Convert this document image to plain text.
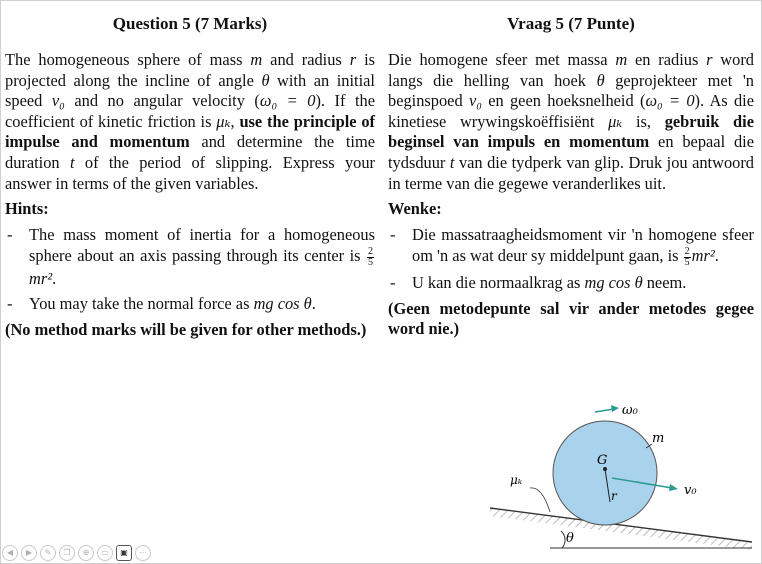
Question 5 (7 Marks)

The homogeneous sphere of mass m and radius r is projected along the incline of angle θ with an initial speed v₀ and no angular velocity (ω₀ = 0). If the coefficient of kinetic friction is μₖ, use the principle of impulse and momentum and determine the time duration t of the period of slipping. Express your answer in terms of the given variables.

Hints:
- The mass moment of inertia for a homogeneous sphere about an axis passing through its center is $\frac{2}{5}$
mr².
- You may take the normal force as mg cos θ.

(No method marks will be given for other methods.)

Vraag 5 (7 Punte)

Die homogene sfeer met massa m en radius r word langs die helling van hoek θ geprojekteer met 'n beginspoed v₀ en geen hoeksnelheid (ω₀ = 0). As die kinetiese wrywingskoëffisiënt μₖ is, gebruik die beginsel van impuls en momentum en bepaal die tydsduur t van die tydperk van glip. Druk jou antwoord in terme van die gegewe veranderlikes uit.

Wenke:
- Die massatraagheidsmoment vir 'n homogene sfeer om 'n as wat deur sy middelpunt gaan, is $\frac{2}{5} mr^2$.
- U kan die normaalkrag as mg cos θ neem.

(Geen metodepunte sal vir ander metodes gegee word nie.)

θ
G
r
ω₀
v₀
m
μₖ
◀	▶	✎	❐	⊕	▭	▣	⋯
